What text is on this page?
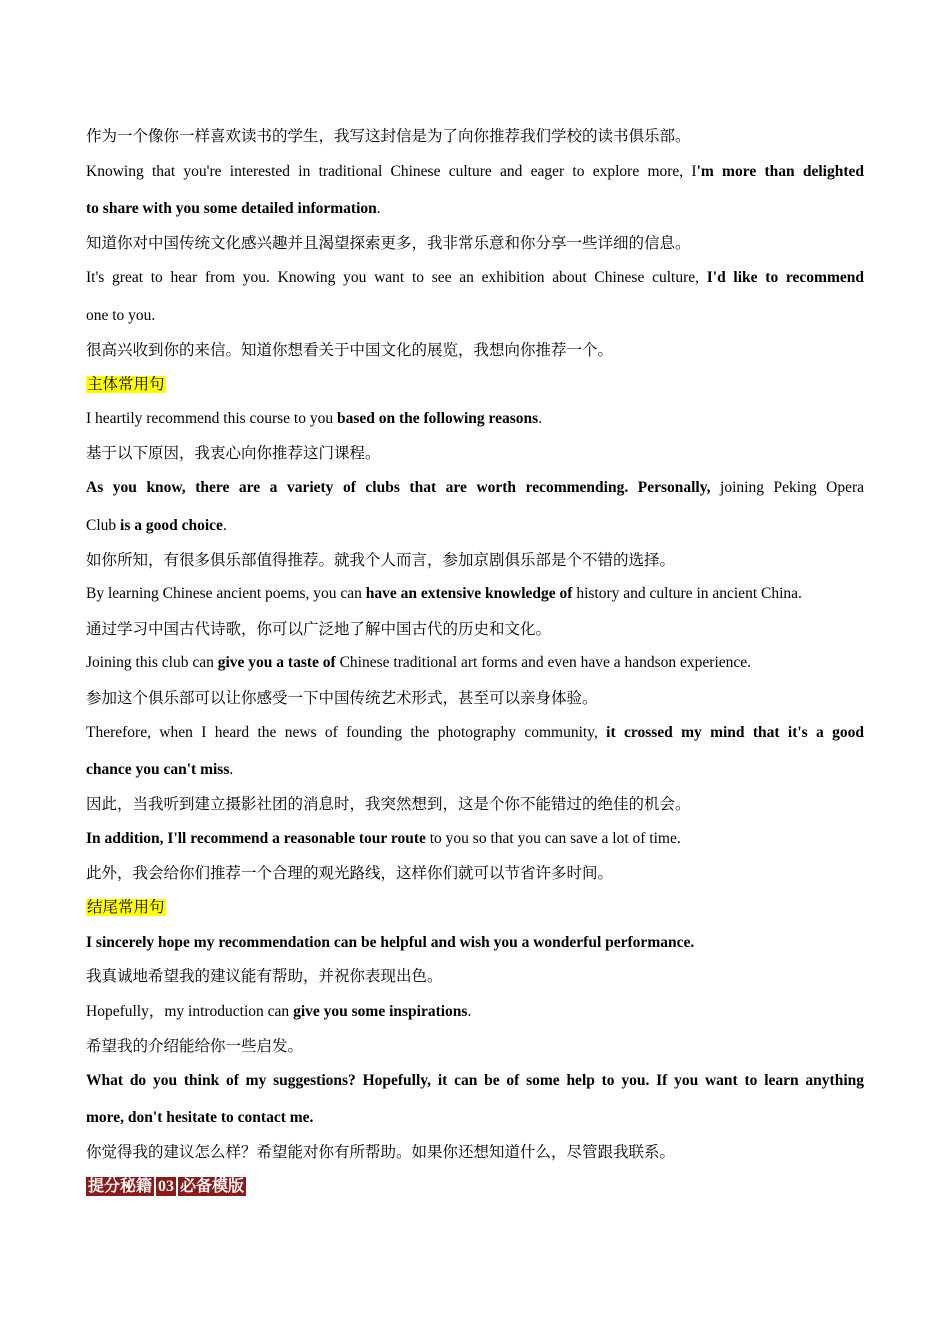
作为一个像你一样喜欢读书的学生，我写这封信是为了向你推荐我们学校的读书俱乐部。
Knowing that you're interested in traditional Chinese culture and eager to explore more, I'm more than delighted
to share with you some detailed information.
知道你对中国传统文化感兴趣并且渴望探索更多，我非常乐意和你分享一些详细的信息。
It's great to hear from you. Knowing you want to see an exhibition about Chinese culture, I'd like to recommend
one to you.
很高兴收到你的来信。知道你想看关于中国文化的展览，我想向你推荐一个。
主体常用句
I heartily recommend this course to you based on the following reasons.
基于以下原因，我衷心向你推荐这门课程。
As you know, there are a variety of clubs that are worth recommending. Personally, joining Peking Opera
Club is a good choice.
如你所知，有很多俱乐部值得推荐。就我个人而言，参加京剧俱乐部是个不错的选择。
By learning Chinese ancient poems, you can have an extensive knowledge of history and culture in ancient China.
通过学习中国古代诗歌，你可以广泛地了解中国古代的历史和文化。
Joining this club can give you a taste of Chinese traditional art forms and even have a handson experience.
参加这个俱乐部可以让你感受一下中国传统艺术形式，甚至可以亲身体验。
Therefore, when I heard the news of founding the photography community, it crossed my mind that it's a good
chance you can't miss.
因此，当我听到建立摄影社团的消息时，我突然想到，这是个你不能错过的绝佳的机会。
In addition, I'll recommend a reasonable tour route to you so that you can save a lot of time.
此外，我会给你们推荐一个合理的观光路线，这样你们就可以节省许多时间。
结尾常用句
I sincerely hope my recommendation can be helpful and wish you a wonderful performance.
我真诚地希望我的建议能有帮助，并祝你表现出色。
Hopefully，my introduction can give you some inspirations.
希望我的介绍能给你一些启发。
What do you think of my suggestions? Hopefully, it can be of some help to you. If you want to learn anything
more, don't hesitate to contact me.
你觉得我的建议怎么样？希望能对你有所帮助。如果你还想知道什么，尽管跟我联系。
提分秘籍 03 必备模版
